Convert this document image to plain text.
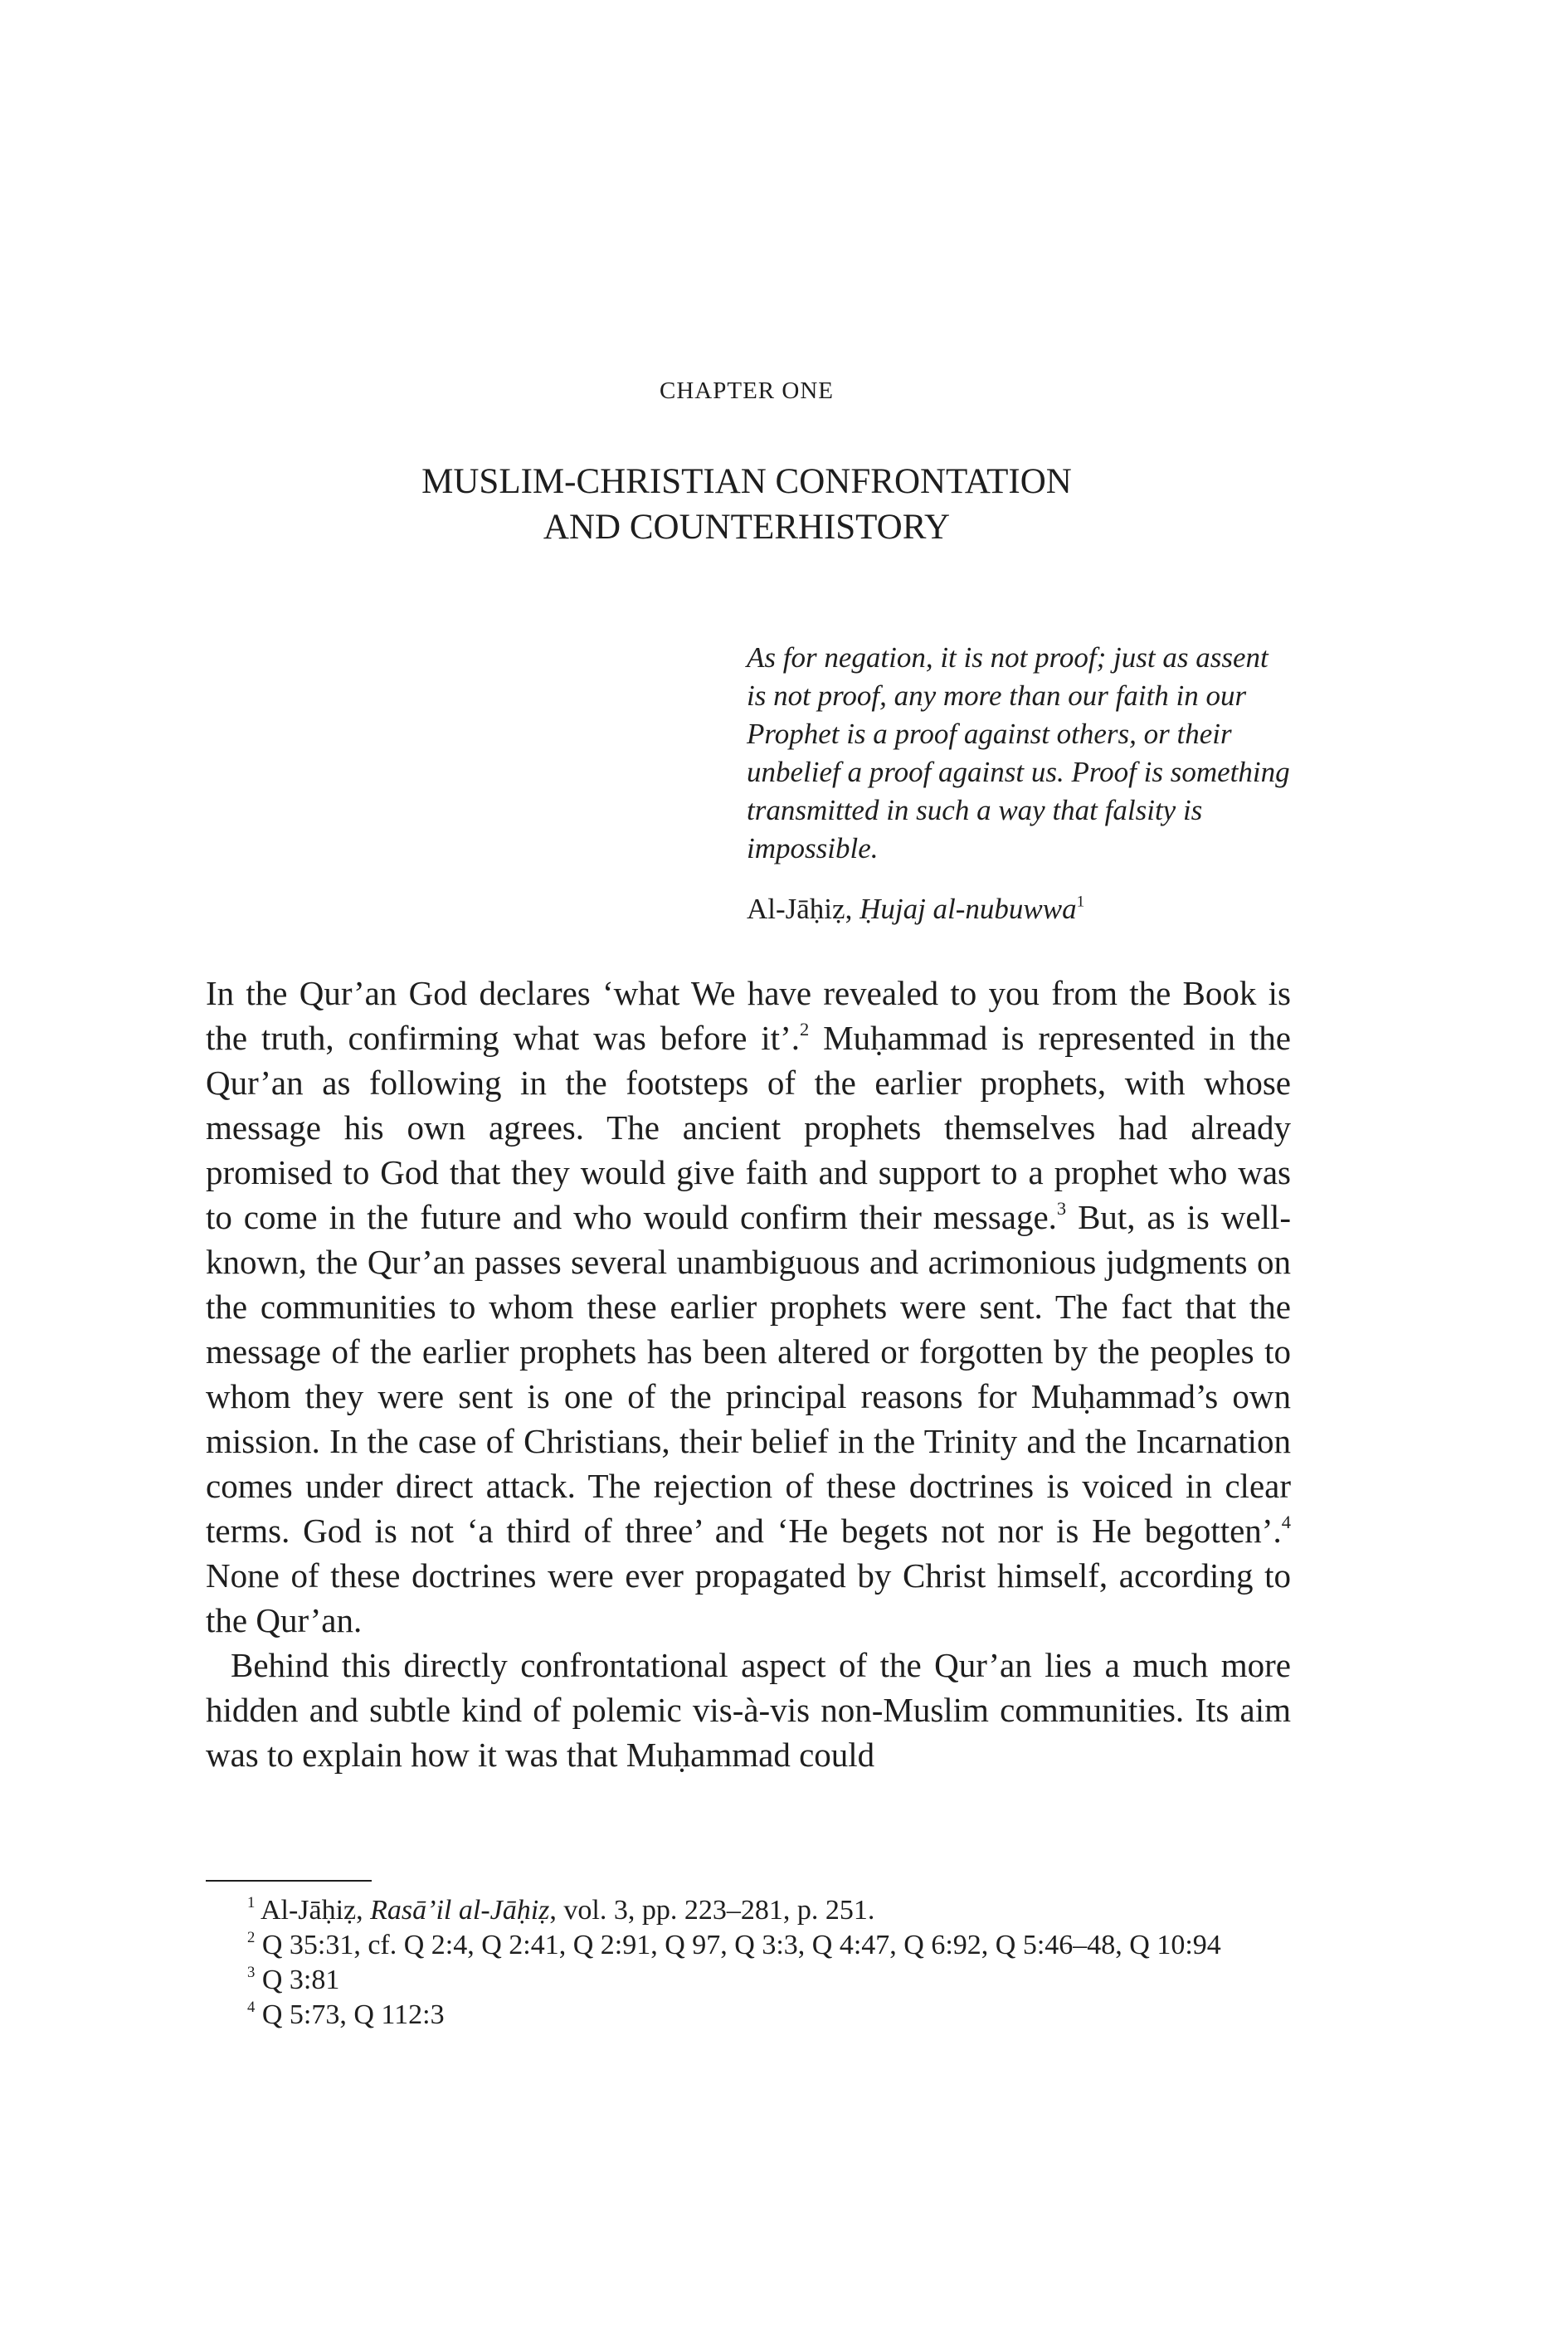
CHAPTER ONE
MUSLIM-CHRISTIAN CONFRONTATION
AND COUNTERHISTORY

As for negation, it is not proof; just as assent is not proof, any more than our faith in our Prophet is a proof against others, or their unbelief a proof against us. Proof is something transmitted in such a way that falsity is impossible.

Al-Jāḥiẓ, Ḥujaj al-nubuwwa$^1$

In the Qur’an God declares ‘what We have revealed to you from the Book is the truth, confirming what was before it’.$^2$ Muḥammad is represented in the Qur’an as following in the footsteps of the earlier prophets, with whose message his own agrees. The ancient prophets themselves had already promised to God that they would give faith and support to a prophet who was to come in the future and who would confirm their message.$^3$ But, as is well-known, the Qur’an passes several unambiguous and acrimonious judgments on the communities to whom these earlier prophets were sent. The fact that the message of the earlier prophets has been altered or forgotten by the peoples to whom they were sent is one of the principal reasons for Muḥammad’s own mission. In the case of Christians, their belief in the Trinity and the Incarnation comes under direct attack. The rejection of these doctrines is voiced in clear terms. God is not ‘a third of three’ and ‘He begets not nor is He begotten’.$^4$ None of these doctrines were ever propagated by Christ himself, according to the Qur’an.

Behind this directly confrontational aspect of the Qur’an lies a much more hidden and subtle kind of polemic vis-à-vis non-Muslim communities. Its aim was to explain how it was that Muḥammad could

$^1$ Al-Jāḥiẓ, Rasā’il al-Jāḥiẓ, vol. 3, pp. 223–281, p. 251.

$^2$ Q 35:31, cf. Q 2:4, Q 2:41, Q 2:91, Q 97, Q 3:3, Q 4:47, Q 6:92, Q 5:46–48, Q 10:94

$^3$ Q 3:81

$^4$ Q 5:73, Q 112:3
